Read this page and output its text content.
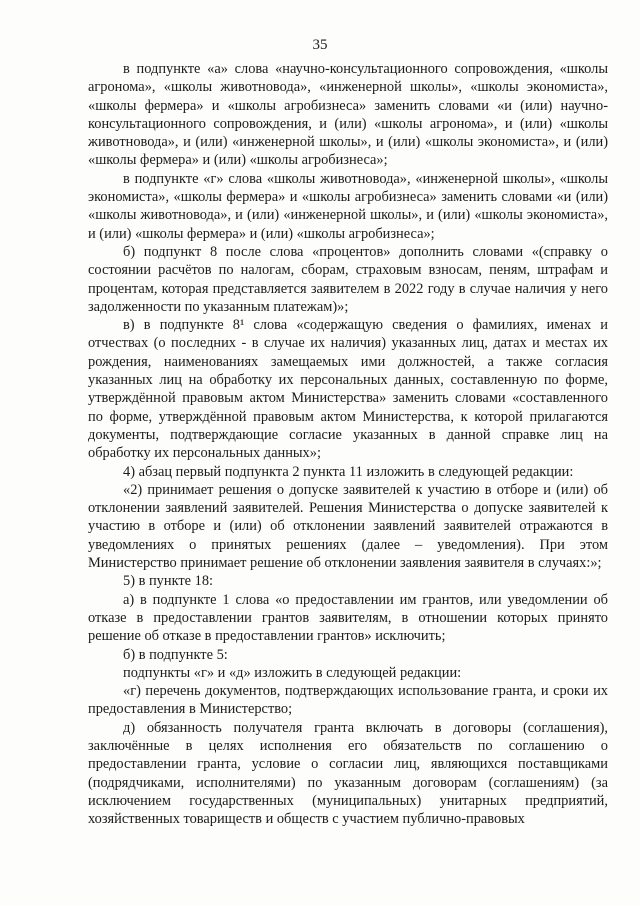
35

в подпункте «а» слова «научно-консультационного сопровождения, «школы агронома», «школы животновода», «инженерной школы», «школы экономиста», «школы фермера» и «школы агробизнеса» заменить словами «и (или) научно-консультационного сопровождения, и (или) «школы агронома», и (или) «школы животновода», и (или) «инженерной школы», и (или) «школы экономиста», и (или) «школы фермера» и (или) «школы агробизнеса»;

в подпункте «г» слова «школы животновода», «инженерной школы», «школы экономиста», «школы фермера» и «школы агробизнеса» заменить словами «и (или) «школы животновода», и (или) «инженерной школы», и (или) «школы экономиста», и (или) «школы фермера» и (или) «школы агробизнеса»;

б) подпункт 8 после слова «процентов» дополнить словами «(справку о состоянии расчётов по налогам, сборам, страховым взносам, пеням, штрафам и процентам, которая представляется заявителем в 2022 году в случае наличия у него задолженности по указанным платежам)»;

в) в подпункте 8¹ слова «содержащую сведения о фамилиях, именах и отчествах (о последних - в случае их наличия) указанных лиц, датах и местах их рождения, наименованиях замещаемых ими должностей, а также согласия указанных лиц на обработку их персональных данных, составленную по форме, утверждённой правовым актом Министерства» заменить словами «составленного по форме, утверждённой правовым актом Министерства, к которой прилагаются документы, подтверждающие согласие указанных в данной справке лиц на обработку их персональных данных»;

4) абзац первый подпункта 2 пункта 11 изложить в следующей редакции:

«2) принимает решения о допуске заявителей к участию в отборе и (или) об отклонении заявлений заявителей. Решения Министерства о допуске заявителей к участию в отборе и (или) об отклонении заявлений заявителей отражаются в уведомлениях о принятых решениях (далее – уведомления). При этом Министерство принимает решение об отклонении заявления заявителя в случаях:»;

5) в пункте 18:

а) в подпункте 1 слова «о предоставлении им грантов, или уведомлении об отказе в предоставлении грантов заявителям, в отношении которых принято решение об отказе в предоставлении грантов» исключить;

б) в подпункте 5:

подпункты «г» и «д» изложить в следующей редакции:

«г) перечень документов, подтверждающих использование гранта, и сроки их предоставления в Министерство;

д) обязанность получателя гранта включать в договоры (соглашения), заключённые в целях исполнения его обязательств по соглашению о предоставлении гранта, условие о согласии лиц, являющихся поставщиками (подрядчиками, исполнителями) по указанным договорам (соглашениям) (за исключением государственных (муниципальных) унитарных предприятий, хозяйственных товариществ и обществ с участием публично-правовых
